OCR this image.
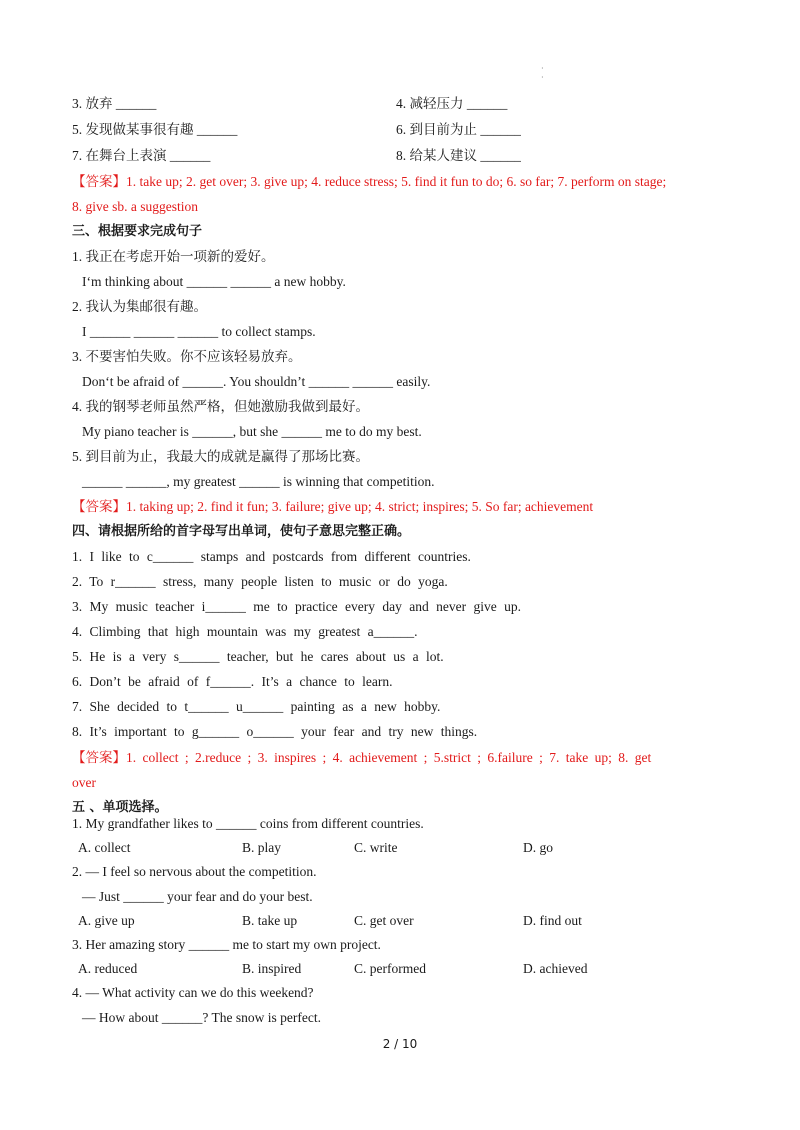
·
·
3. 放弃 ______	4. 减轻压力 ______
5. 发现做某事很有趣 ______	6. 到目前为止 ______
7. 在舞台上表演 ______	8. 给某人建议 ______
【答案】1. take up; 2. get over; 3. give up; 4. reduce stress; 5. find it fun to do; 6. so far; 7. perform on stage;
8. give sb. a suggestion
三、根据要求完成句子
1. 我正在考虑开始一项新的爱好。
I‘m thinking about ______ ______ a new hobby.
2. 我认为集邮很有趣。
I ______ ______ ______ to collect stamps.
3. 不要害怕失败。你不应该轻易放弃。
Don‘t be afraid of ______. You shouldn’t ______ ______ easily.
4. 我的钢琴老师虽然严格，但她激励我做到最好。
My piano teacher is ______, but she ______ me to do my best.
5. 到目前为止，我最大的成就是赢得了那场比赛。
______ ______, my greatest ______ is winning that competition.
【答案】1. taking up; 2. find it fun; 3. failure; give up; 4. strict; inspires; 5. So far; achievement
四、请根据所给的首字母写出单词，使句子意思完整正确。
1. I like to c______ stamps and postcards from different countries.
2. To r______ stress, many people listen to music or do yoga.
3. My music teacher i______ me to practice every day and never give up.
4. Climbing that high mountain was my greatest a______.
5. He is a very s______ teacher, but he cares about us a lot.
6. Don’t be afraid of f______. It’s a chance to learn.
7. She decided to t______ u______ painting as a new hobby.
8. It’s important to g______ o______ your fear and try new things.
【答案】1. collect ; 2.reduce ; 3. inspires ; 4. achievement ; 5.strict ; 6.failure ; 7. take up; 8. get
over
五 、单项选择。
1. My grandfather likes to ______ coins from different countries.
A. collect	B. play	C. write	D. go
2. — I feel so nervous about the competition.
— Just ______ your fear and do your best.
A. give up	B. take up	C. get over	D. find out
3. Her amazing story ______ me to start my own project.
A. reduced	B. inspired	C. performed	D. achieved
4. — What activity can we do this weekend?
— How about ______? The snow is perfect.
2 / 10
